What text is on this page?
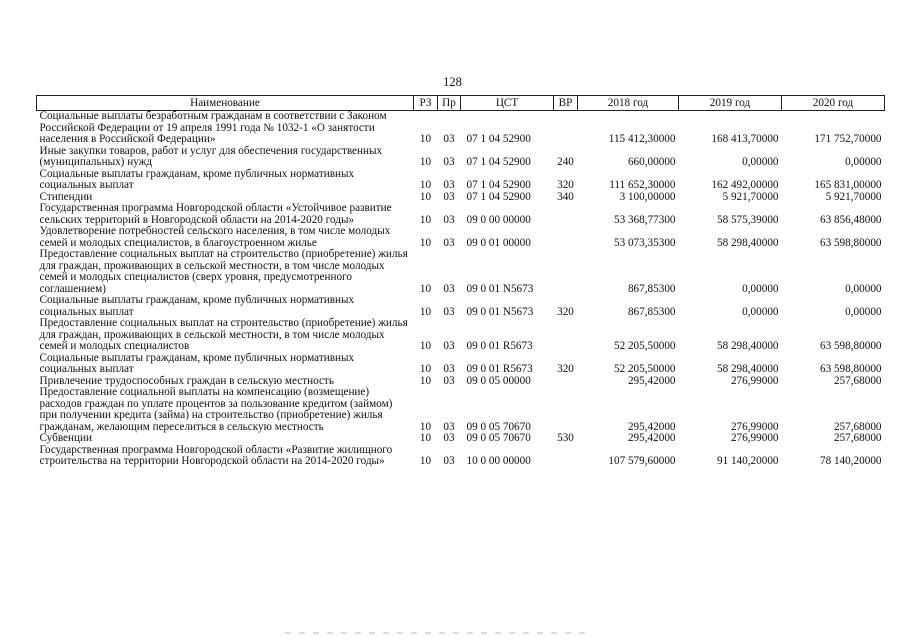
128
Наименование	РЗ	Пр	ЦСТ	ВР	2018 год	2019 год	2020 год
Социальные выплаты безработным гражданам в соответствии с Законом Российской Федерации от 19 апреля 1991 года № 1032-1 «О занятости населения в Российской Федерации»	10	03	07 1 04 52900		115 412,30000	168 413,70000	171 752,70000
Иные закупки товаров, работ и услуг для обеспечения государственных (муниципальных) нужд	10	03	07 1 04 52900	240	660,00000	0,00000	0,00000
Социальные выплаты гражданам, кроме публичных нормативных социальных выплат	10	03	07 1 04 52900	320	111 652,30000	162 492,00000	165 831,00000
Стипендии	10	03	07 1 04 52900	340	3 100,00000	5 921,70000	5 921,70000
Государственная программа Новгородской области «Устойчивое развитие сельских территорий в Новгородской области на 2014-2020 годы»	10	03	09 0 00 00000		53 368,77300	58 575,39000	63 856,48000
Удовлетворение потребностей сельского населения, в том числе молодых семей и молодых специалистов, в благоустроенном жилье	10	03	09 0 01 00000		53 073,35300	58 298,40000	63 598,80000
Предоставление социальных выплат на строительство (приобретение) жилья для граждан, проживающих в сельской местности, в том числе молодых семей и молодых специалистов (сверх уровня, предусмотренного соглашением)	10	03	09 0 01 N5673		867,85300	0,00000	0,00000
Социальные выплаты гражданам, кроме публичных нормативных социальных выплат	10	03	09 0 01 N5673	320	867,85300	0,00000	0,00000
Предоставление социальных выплат на строительство (приобретение) жилья для граждан, проживающих в сельской местности, в том числе молодых семей и молодых специалистов	10	03	09 0 01 R5673		52 205,50000	58 298,40000	63 598,80000
Социальные выплаты гражданам, кроме публичных нормативных социальных выплат	10	03	09 0 01 R5673	320	52 205,50000	58 298,40000	63 598,80000
Привлечение трудоспособных граждан в сельскую местность	10	03	09 0 05 00000		295,42000	276,99000	257,68000
Предоставление социальной выплаты на компенсацию (возмещение) расходов граждан по уплате процентов за пользование кредитом (займом) при получении кредита (займа) на строительство (приобретение) жилья гражданам, желающим переселиться в сельскую местность	10	03	09 0 05 70670		295,42000	276,99000	257,68000
Субвенции	10	03	09 0 05 70670	530	295,42000	276,99000	257,68000
Государственная программа Новгородской области «Развитие жилищного строительства на территории Новгородской области на 2014-2020 годы»	10	03	10 0 00 00000		107 579,60000	91 140,20000	78 140,20000
